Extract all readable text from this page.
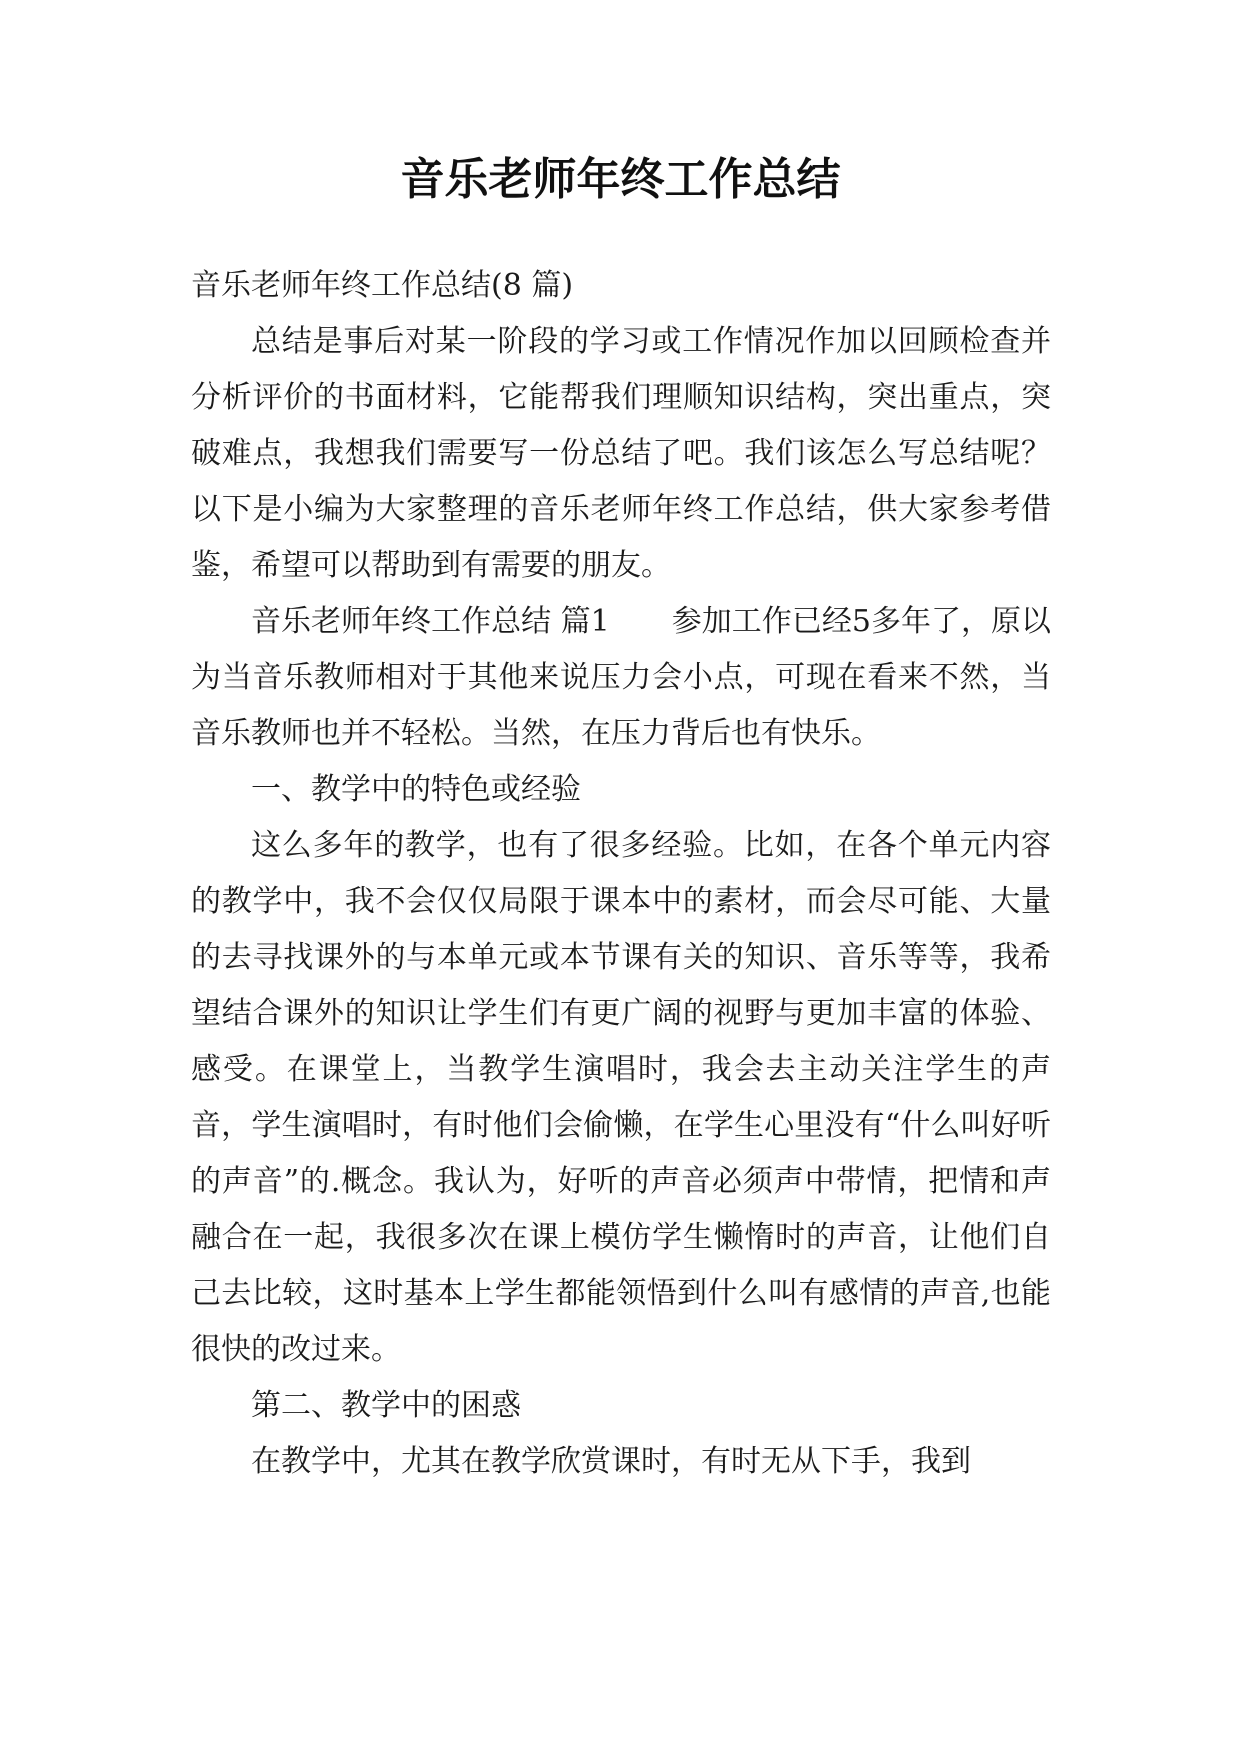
音乐老师年终工作总结

音乐老师年终工作总结(8 篇)

总结是事后对某一阶段的学习或工作情况作加以回顾检查并分析评价的书面材料，它能帮我们理顺知识结构，突出重点，突破难点，我想我们需要写一份总结了吧。我们该怎么写总结呢？以下是小编为大家整理的音乐老师年终工作总结，供大家参考借鉴，希望可以帮助到有需要的朋友。

音乐老师年终工作总结 篇1 参加工作已经5多年了，原以为当音乐教师相对于其他来说压力会小点，可现在看来不然，当音乐教师也并不轻松。当然，在压力背后也有快乐。

一、教学中的特色或经验

这么多年的教学，也有了很多经验。比如，在各个单元内容的教学中，我不会仅仅局限于课本中的素材，而会尽可能、大量的去寻找课外的与本单元或本节课有关的知识、音乐等等，我希望结合课外的知识让学生们有更广阔的视野与更加丰富的体验、感受。在课堂上，当教学生演唱时，我会去主动关注学生的声音，学生演唱时，有时他们会偷懒，在学生心里没有“什么叫好听的声音”的.概念。我认为，好听的声音必须声中带情，把情和声融合在一起，我很多次在课上模仿学生懒惰时的声音，让他们自己去比较，这时基本上学生都能领悟到什么叫有感情的声音,也能很快的改过来。

第二、教学中的困惑

在教学中，尤其在教学欣赏课时，有时无从下手，我到
